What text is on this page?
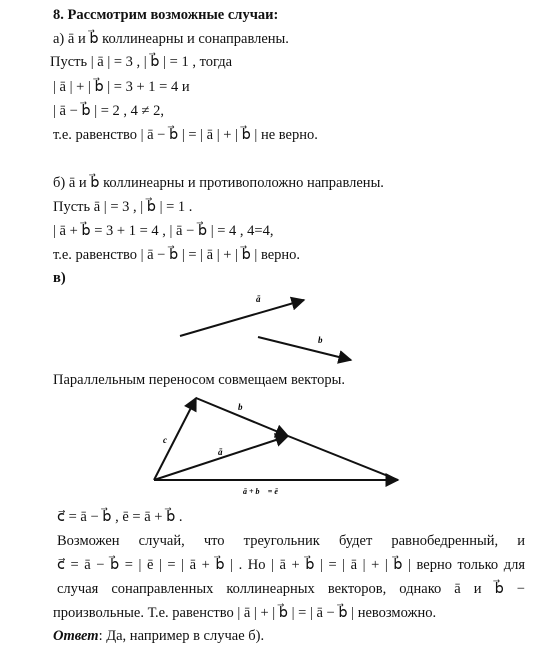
8. Рассмотрим возможные случаи:
а) ā и b⃗ коллинеарны и сонаправлены.
Пусть | ā | = 3 , | b⃗ | = 1 , тогда
| ā | + | b⃗ | = 3 + 1 = 4 и
| ā − b⃗ | = 2 , 4 ≠ 2,
т.е. равенство | ā − b⃗ | = | ā | + | b⃗ | не верно.
б) ā и b⃗ коллинеарны и противоположно направлены.
Пусть ā | = 3 , | b⃗ | = 1 .
| ā + b⃗ = 3 + 1 = 4 , | ā − b⃗ | = 4 , 4=4,
т.е. равенство | ā − b⃗ | = | ā | + | b⃗ | верно.
в)
ā
b⃗
c⃗
b⃗
ā
ā + b⃗ = ē
Параллельным переносом совмещаем векторы.
c⃗ = ā − b⃗ , ē = ā + b⃗ .
Возможен случай, что треугольник будет равнобедренный, и
c⃗ = ā − b⃗ = | ē | = | ā + b⃗ | . Но | ā + b⃗ | = | ā | + | b⃗ | верно только для
случая сонаправленных коллинеарных векторов, однако ā и b⃗ −
произвольные. Т.е. равенство | ā | + | b⃗ | = | ā − b⃗ | невозможно.
Ответ: Да, например в случае б).
